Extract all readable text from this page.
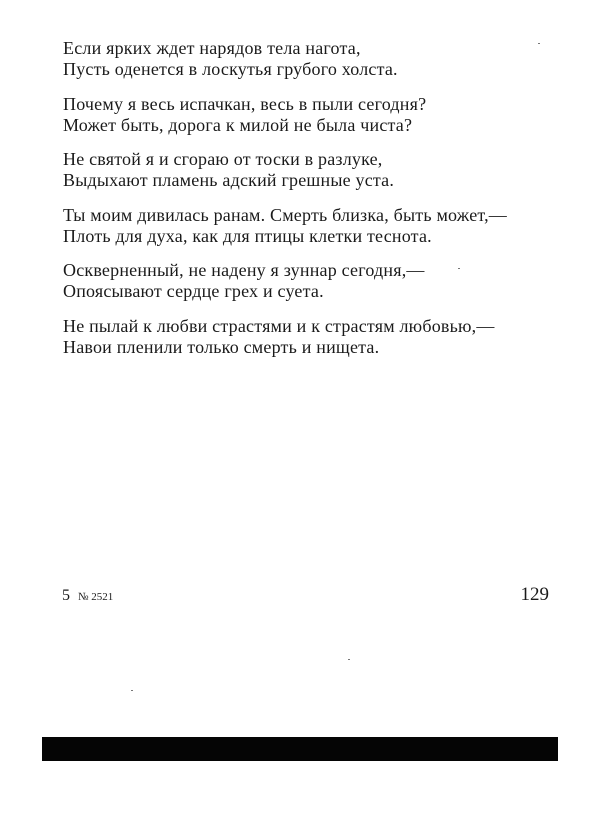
Если ярких ждет нарядов тела нагота,
Пусть оденется в лоскутья грубого холста.
Почему я весь испачкан, весь в пыли сегодня?
Может быть, дорога к милой не была чиста?
Не святой я и сгораю от тоски в разлуке,
Выдыхают пламень адский грешные уста.
Ты моим дивилась ранам. Смерть близка, быть может,—
Плоть для духа, как для птицы клетки теснота.
Оскверненный, не надену я зуннар сегодня,—
Опоясывают сердце грех и суета.
Не пылай к любви страстями и к страстям любовью,—
Навои пленили только смерть и нищета.
5 № 2521	129
